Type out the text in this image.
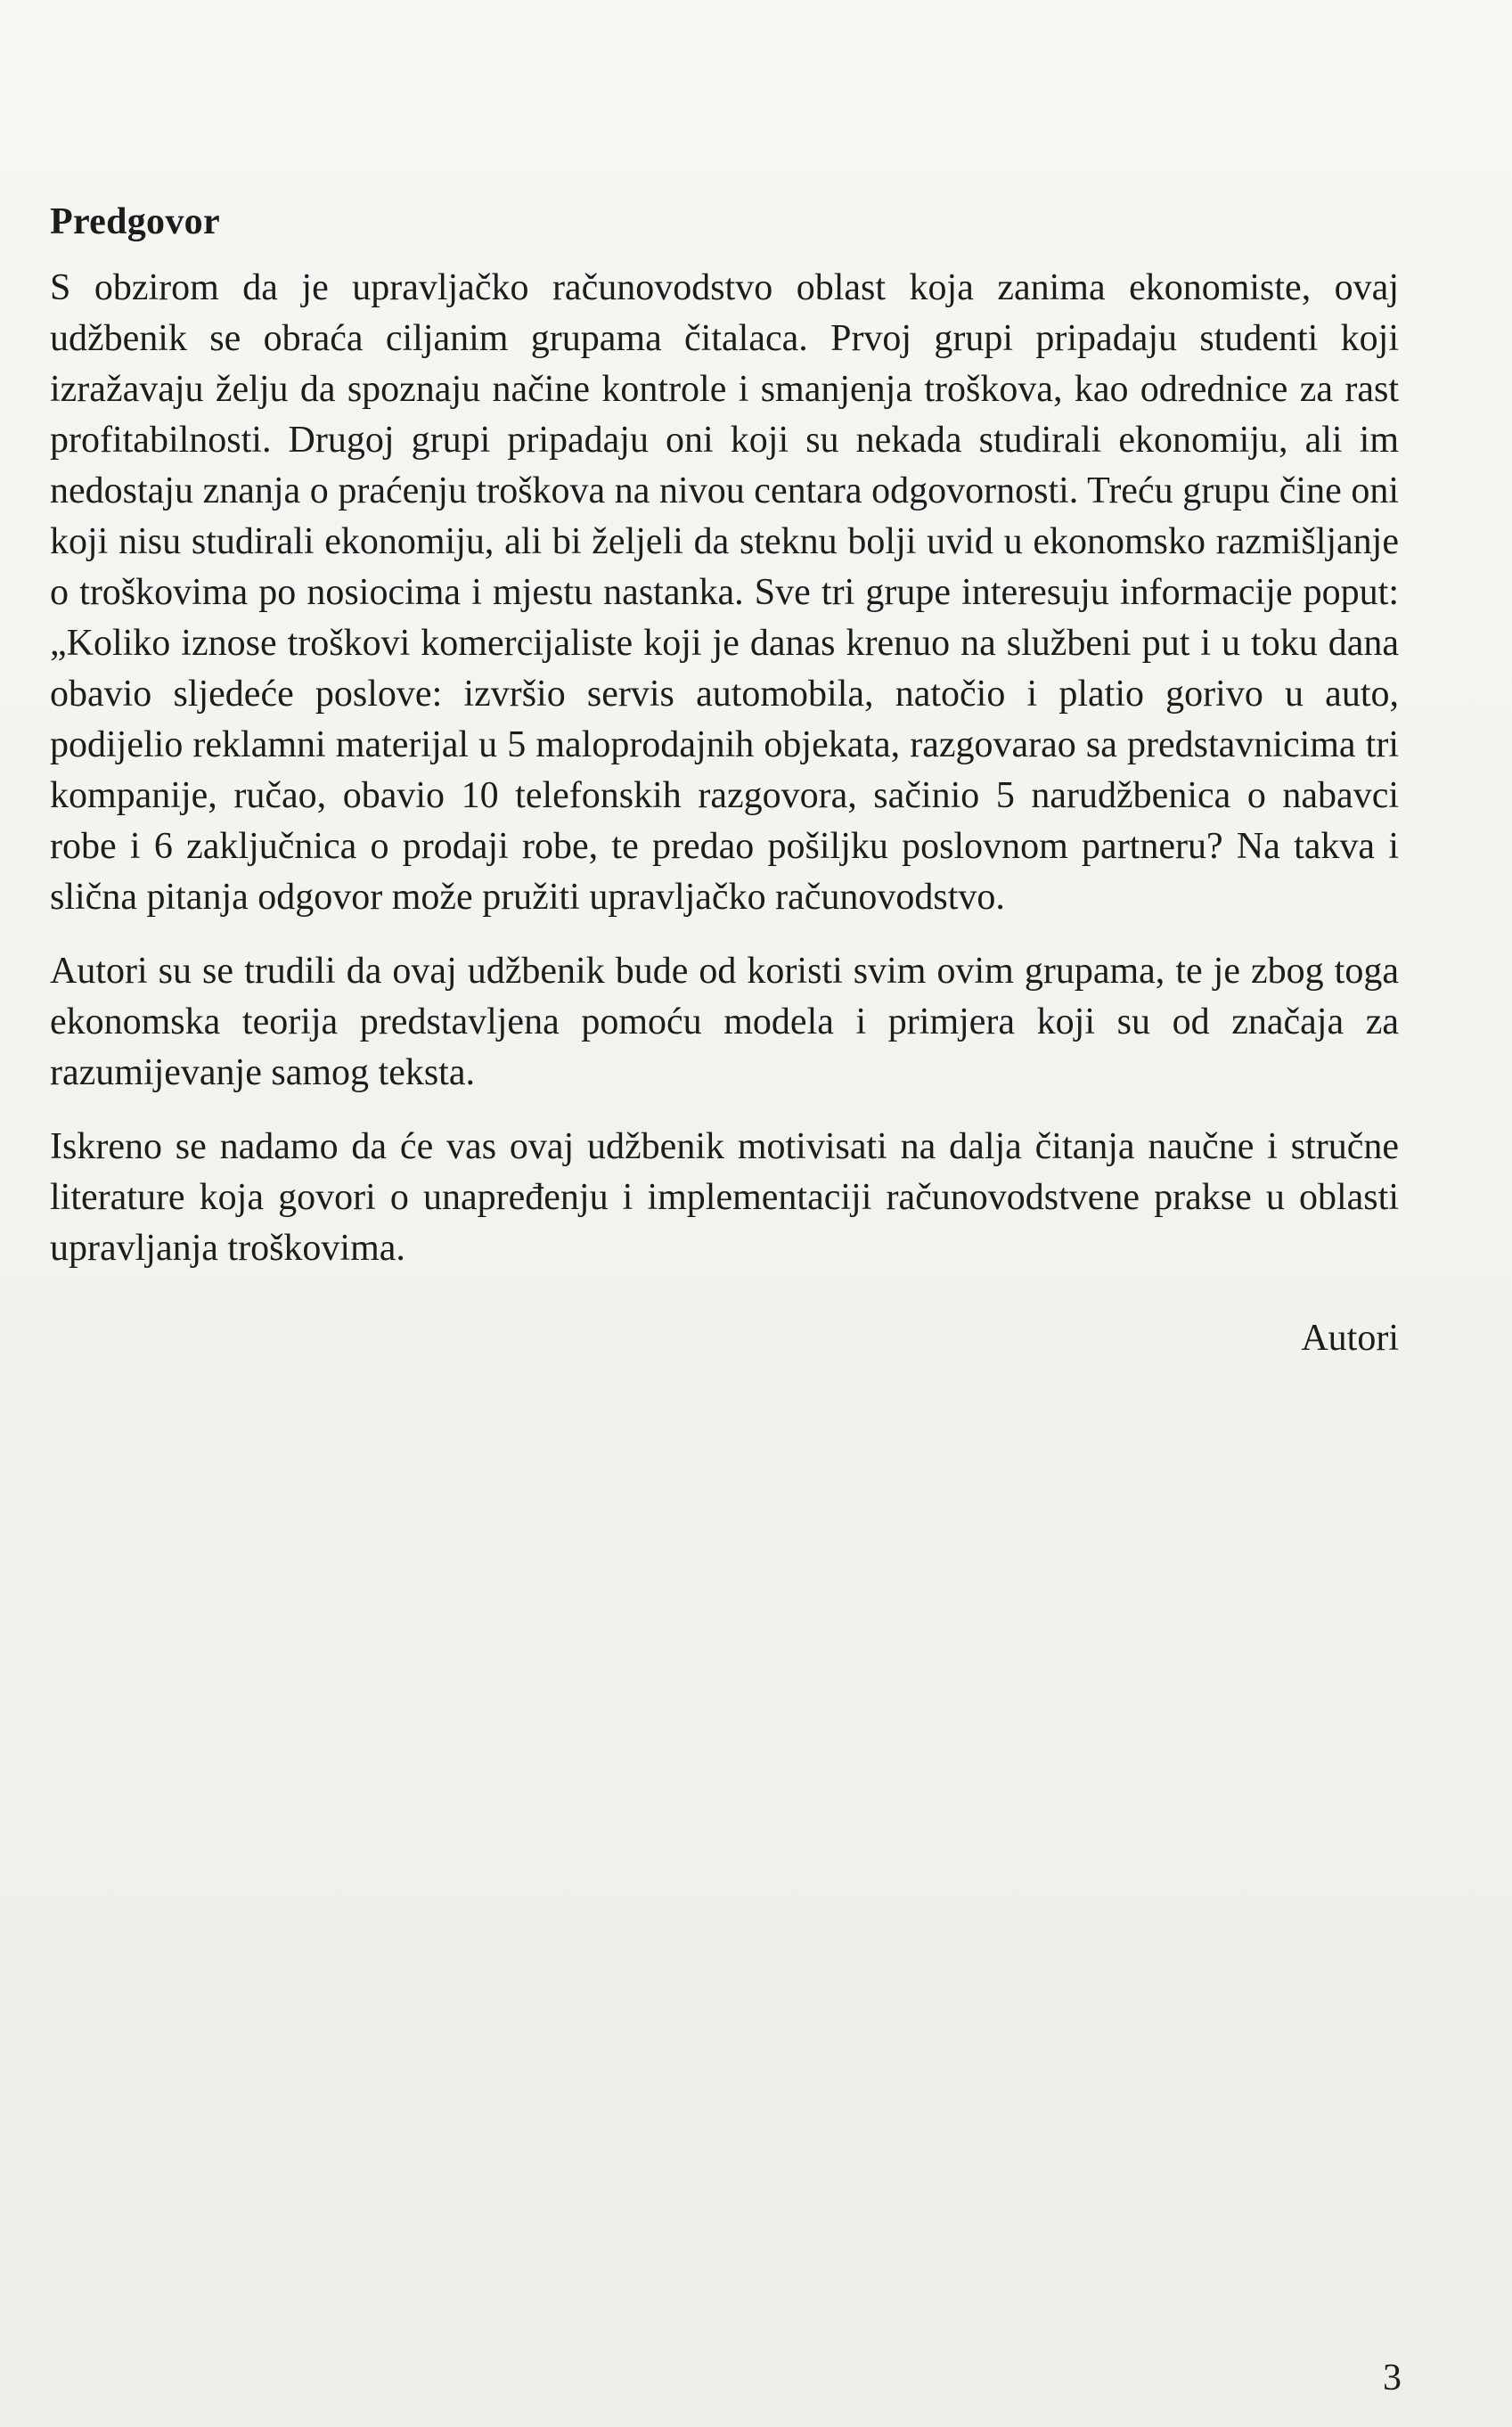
Predgovor

S obzirom da je upravljačko računovodstvo oblast koja zanima ekonomiste, ovaj udžbenik se obraća ciljanim grupama čitalaca. Prvoj grupi pripadaju studenti koji izražavaju želju da spoznaju načine kontrole i smanjenja troškova, kao odrednice za rast profitabilnosti. Drugoj grupi pripadaju oni koji su nekada studirali ekonomiju, ali im nedostaju znanja o praćenju troškova na nivou centara odgovornosti. Treću grupu čine oni koji nisu studirali ekonomiju, ali bi željeli da steknu bolji uvid u ekonomsko razmišljanje o troškovima po nosiocima i mjestu nastanka. Sve tri grupe interesuju informacije poput: „Koliko iznose troškovi komercijaliste koji je danas krenuo na službeni put i u toku dana obavio sljedeće poslove: izvršio servis automobila, natočio i platio gorivo u auto, podijelio reklamni materijal u 5 maloprodajnih objekata, razgovarao sa predstavnicima tri kompanije, ručao, obavio 10 telefonskih razgovora, sačinio 5 narudžbenica o nabavci robe i 6 zaključnica o prodaji robe, te predao pošiljku poslovnom partneru? Na takva i slična pitanja odgovor može pružiti upravljačko računovodstvo.

Autori su se trudili da ovaj udžbenik bude od koristi svim ovim grupama, te je zbog toga ekonomska teorija predstavljena pomoću modela i primjera koji su od značaja za razumijevanje samog teksta.

Iskreno se nadamo da će vas ovaj udžbenik motivisati na dalja čitanja naučne i stručne literature koja govori o unapređenju i implementaciji računovodstvene prakse u oblasti upravljanja troškovima.

Autori
3
